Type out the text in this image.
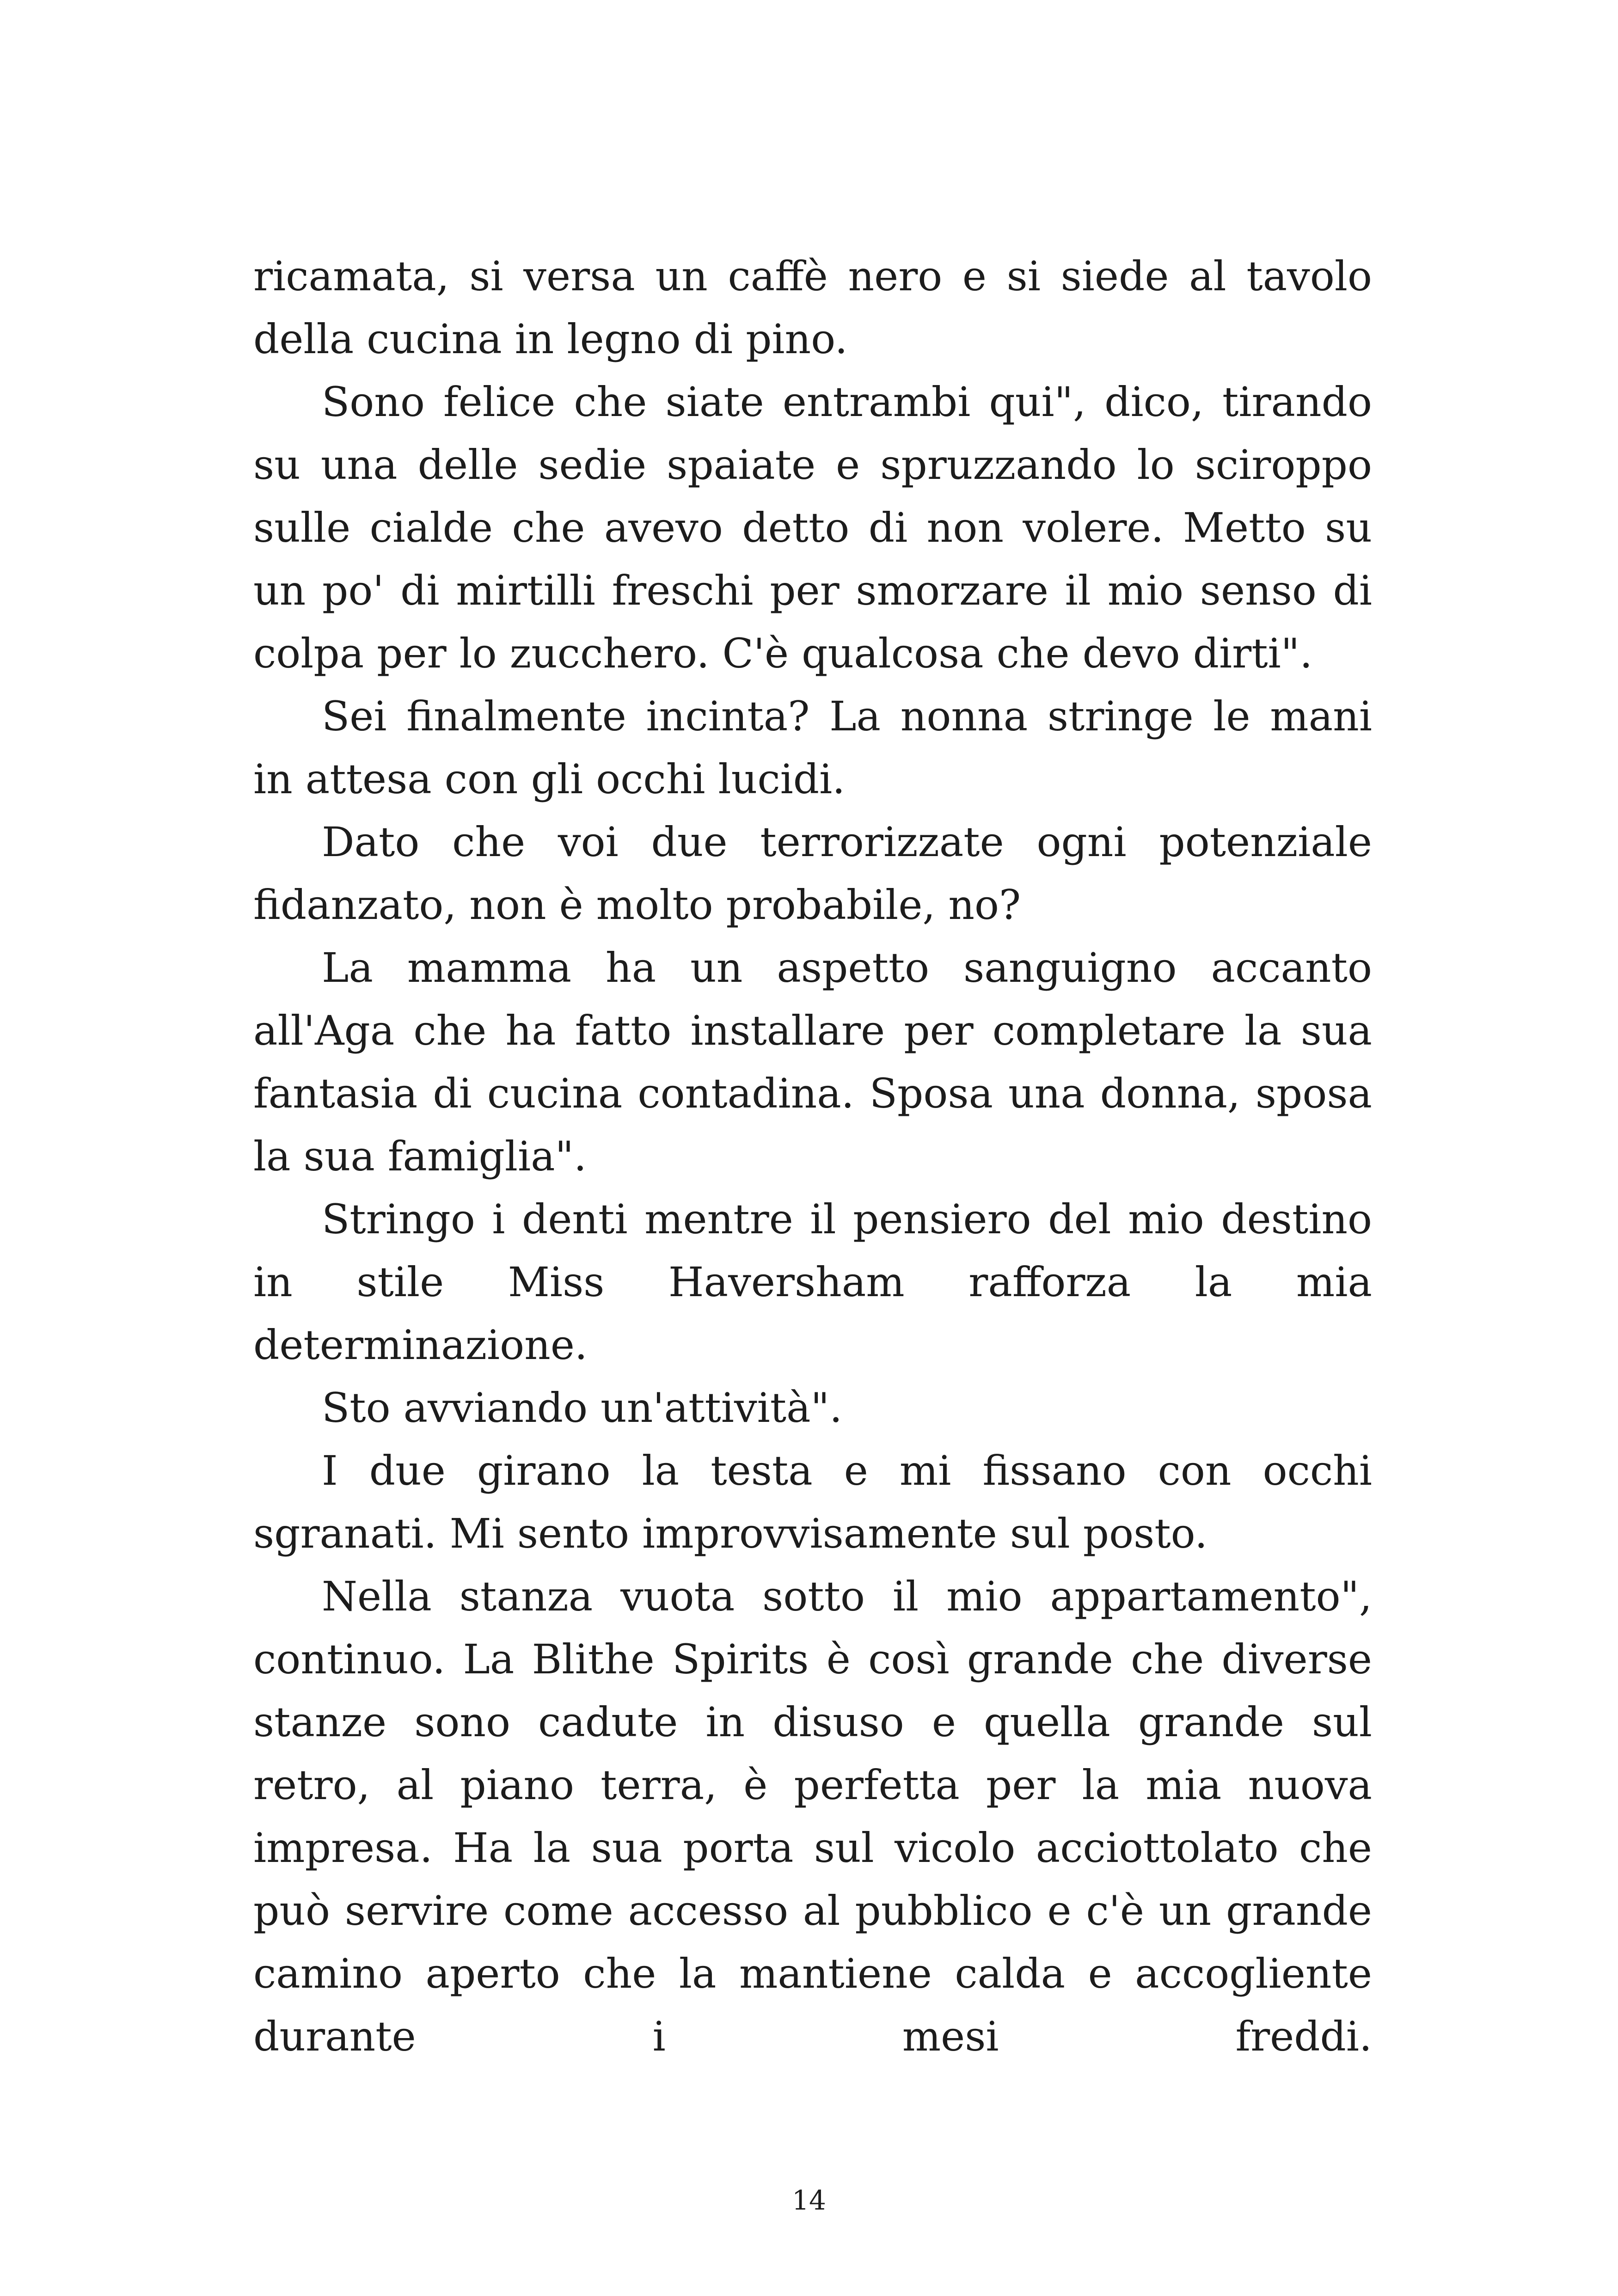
ricamata, si versa un caffè nero e si siede al tavolo della cucina in legno di pino.

Sono felice che siate entrambi qui", dico, tirando su una delle sedie spaiate e spruzzando lo sciroppo sulle cialde che avevo detto di non volere. Metto su un po' di mirtilli freschi per smorzare il mio senso di colpa per lo zucchero. C'è qualcosa che devo dirti".

Sei finalmente incinta? La nonna stringe le mani in attesa con gli occhi lucidi.

Dato che voi due terrorizzate ogni potenziale fidanzato, non è molto probabile, no?

La mamma ha un aspetto sanguigno accanto all'Aga che ha fatto installare per completare la sua fantasia di cucina contadina. Sposa una donna, sposa la sua famiglia".

Stringo i denti mentre il pensiero del mio destino in stile Miss Haversham rafforza la mia determinazione.

Sto avviando un'attività".

I due girano la testa e mi fissano con occhi sgranati. Mi sento improvvisamente sul posto.

Nella stanza vuota sotto il mio appartamento", continuo. La Blithe Spirits è così grande che diverse stanze sono cadute in disuso e quella grande sul retro, al piano terra, è perfetta per la mia nuova impresa. Ha la sua porta sul vicolo acciottolato che può servire come accesso al pubblico e c'è un grande camino aperto che la mantiene calda e accogliente durante i mesi freddi.

14
